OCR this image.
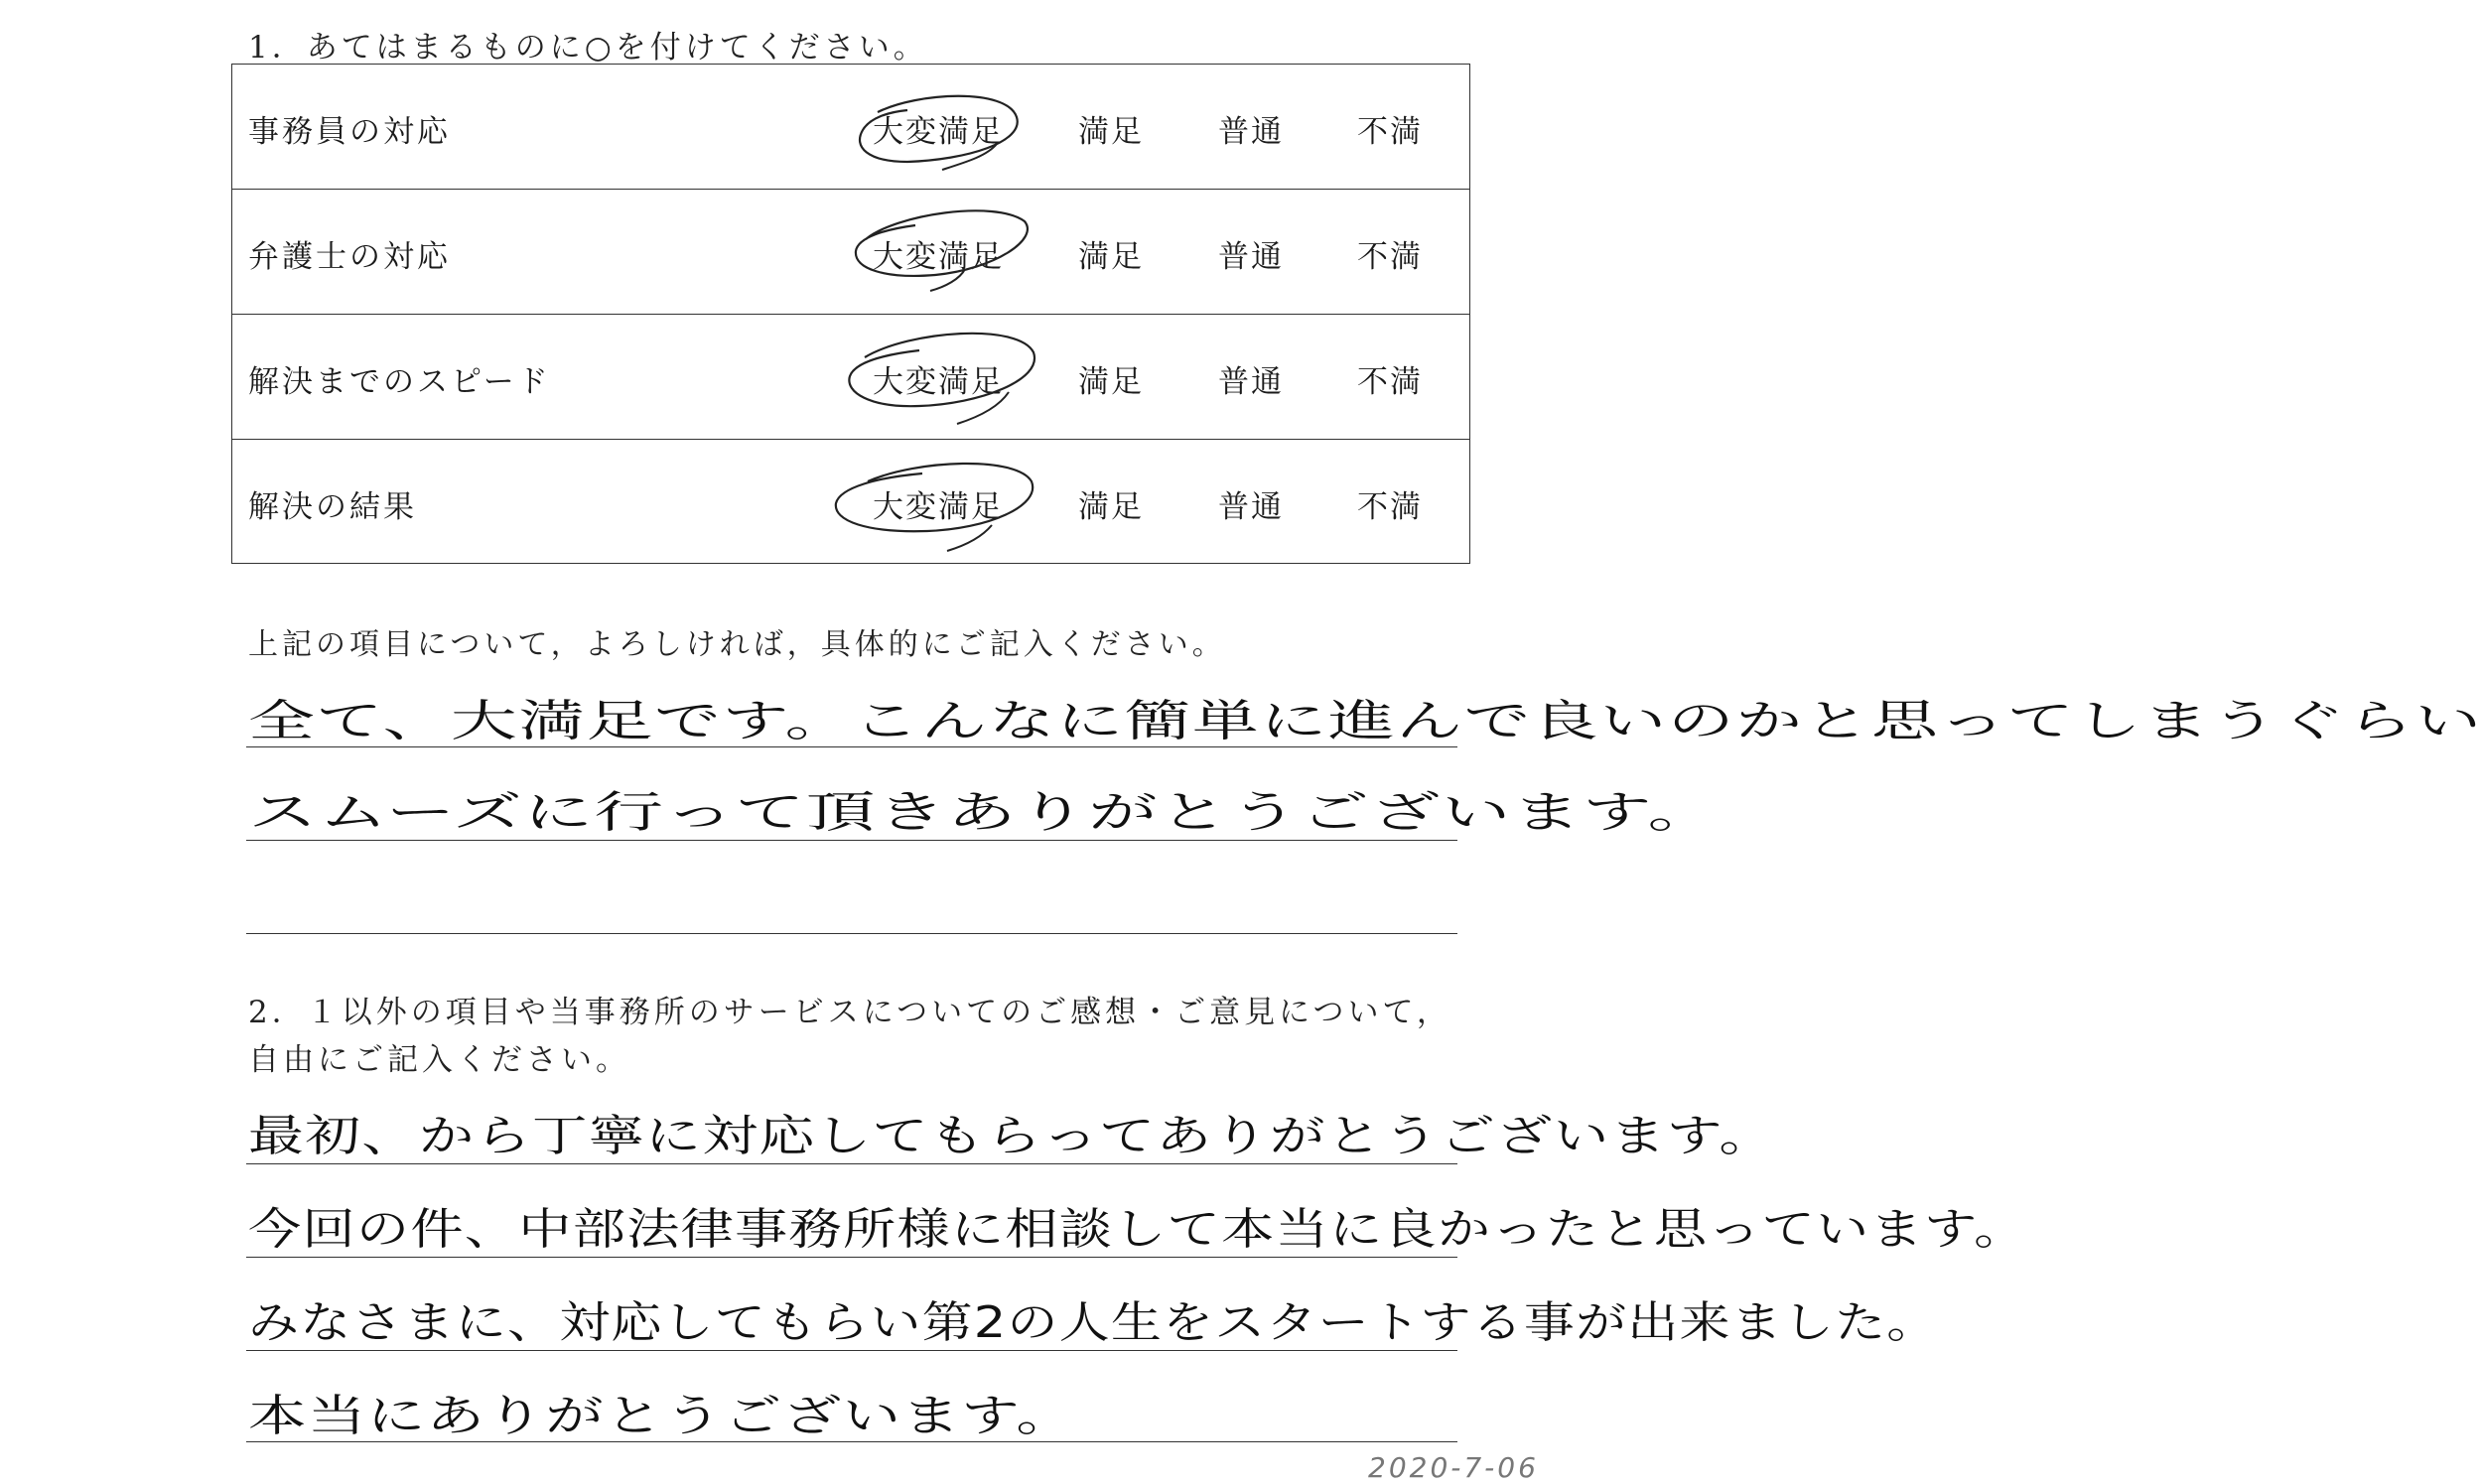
1．あてはまるものに○を付けてください。
事務員の対応	大変満足 満足 普通 不満
弁護士の対応	大変満足 満足 普通 不満
解決までのスピード	大変満足 満足 普通 不満
解決の結果	大変満足 満足 普通 不満
上記の項目について，よろしければ，具体的にご記入ください。
全て、大満足です。こんなに簡単に進んで良いのかと思ってしまうぐらい
スムーズに行って頂きありがとうございます。
2．１以外の項目や当事務所のサービスについてのご感想・ご意見について，
自由にご記入ください。
最初、から丁寧に対応してもらってありがとうございます。
今回の件、中部法律事務所様に相談して本当に良かったと思っています。
みなさまに、対応してもらい第2の人生をスタートする事が出来ました。
本当にありがとうございます。
2020-7-06
